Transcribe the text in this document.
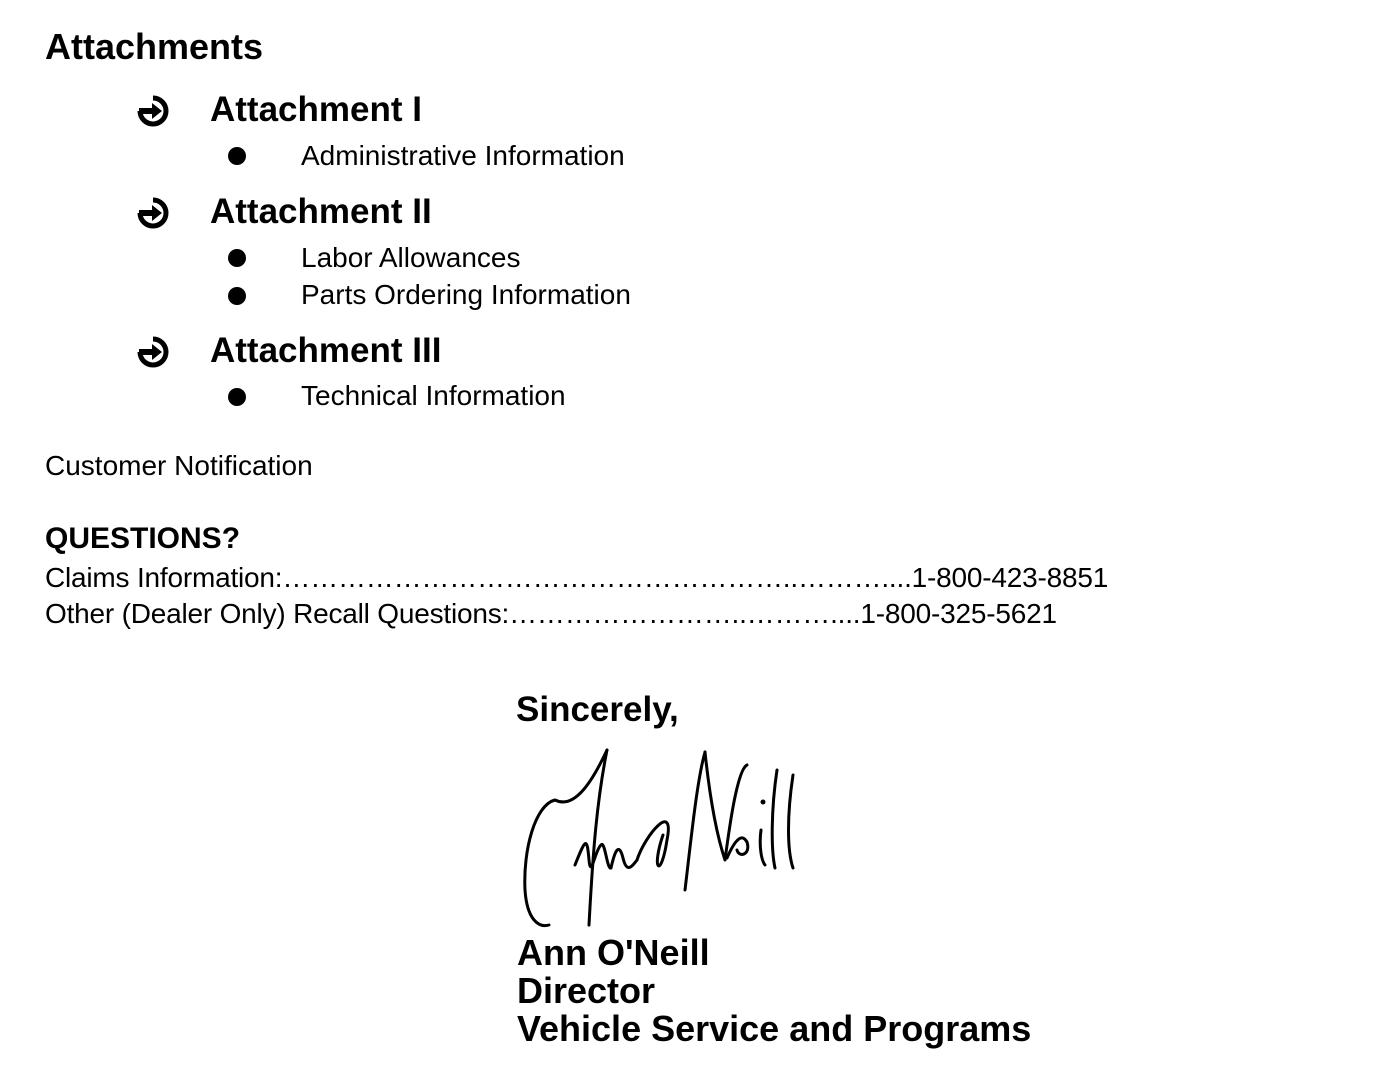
Attachments
Attachment I
Administrative Information
Attachment II
Labor Allowances
Parts Ordering Information
Attachment III
Technical Information
Customer Notification
QUESTIONS?
Claims Information:………………………………………………..………....1-800-423-8851
Other (Dealer Only) Recall Questions:……………………..………....1-800-325-5621
Sincerely,
Ann O'Neill
Director
Vehicle Service and Programs
